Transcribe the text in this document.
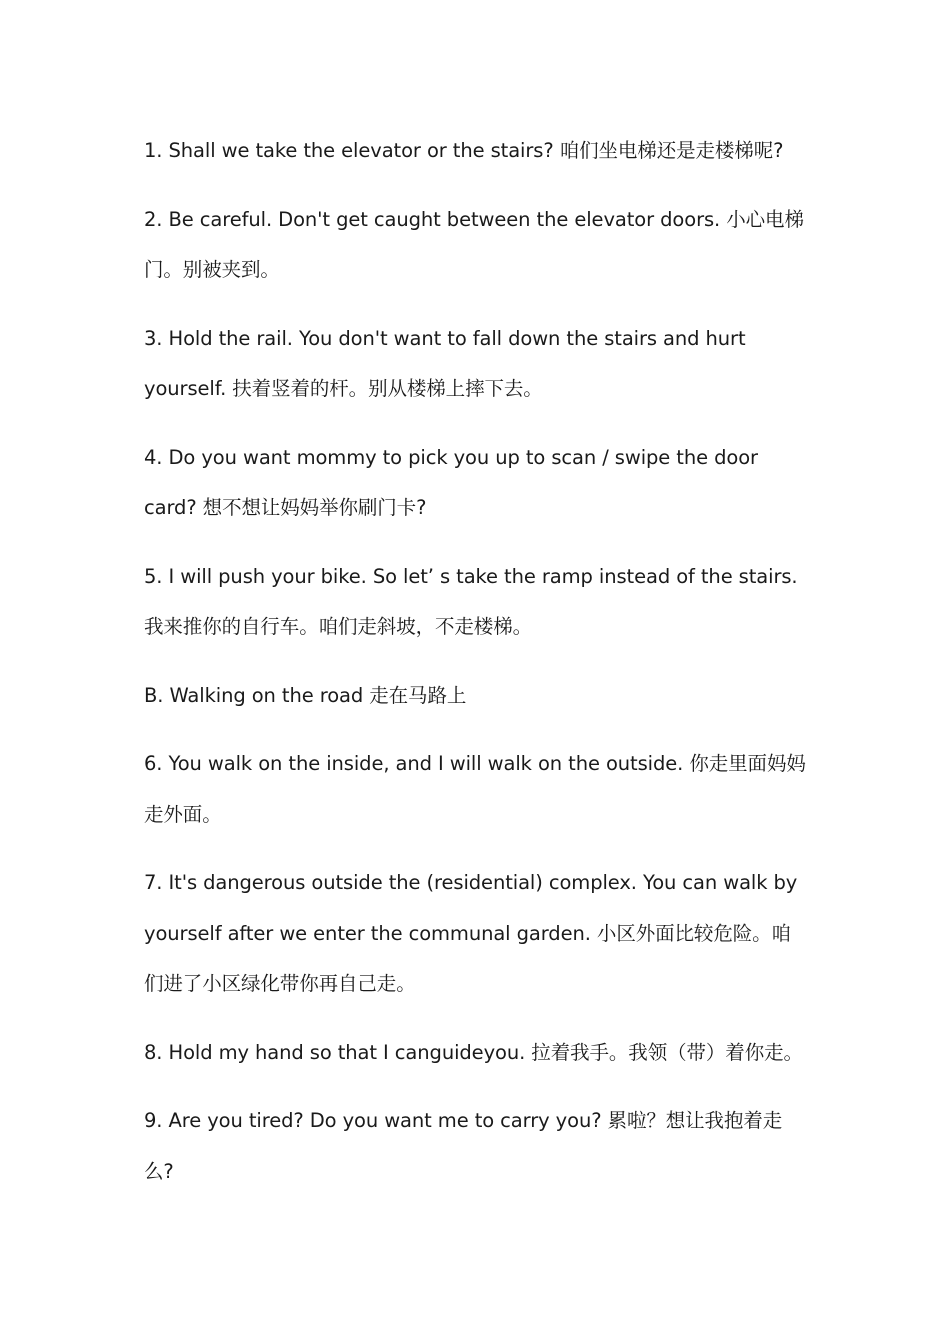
1. Shall we take the elevator or the stairs? 咱们坐电梯还是走楼梯呢?

2. Be careful. Don't get caught between the elevator doors. 小心电梯门。别被夹到。

3. Hold the rail. You don't want to fall down the stairs and hurt yourself. 扶着竖着的杆。别从楼梯上摔下去。

4. Do you want mommy to pick you up to scan / swipe the door card? 想不想让妈妈举你刷门卡?

5. I will push your bike. So let’ s take the ramp instead of the stairs. 我来推你的自行车。咱们走斜坡，不走楼梯。

B. Walking on the road 走在马路上

6. You walk on the inside, and I will walk on the outside. 你走里面妈妈走外面。

7. It's dangerous outside the (residential) complex. You can walk by yourself after we enter the communal garden. 小区外面比较危险。咱们进了小区绿化带你再自己走。

8. Hold my hand so that I canguideyou. 拉着我手。我领（带）着你走。

9. Are you tired? Do you want me to carry you? 累啦？想让我抱着走么?
